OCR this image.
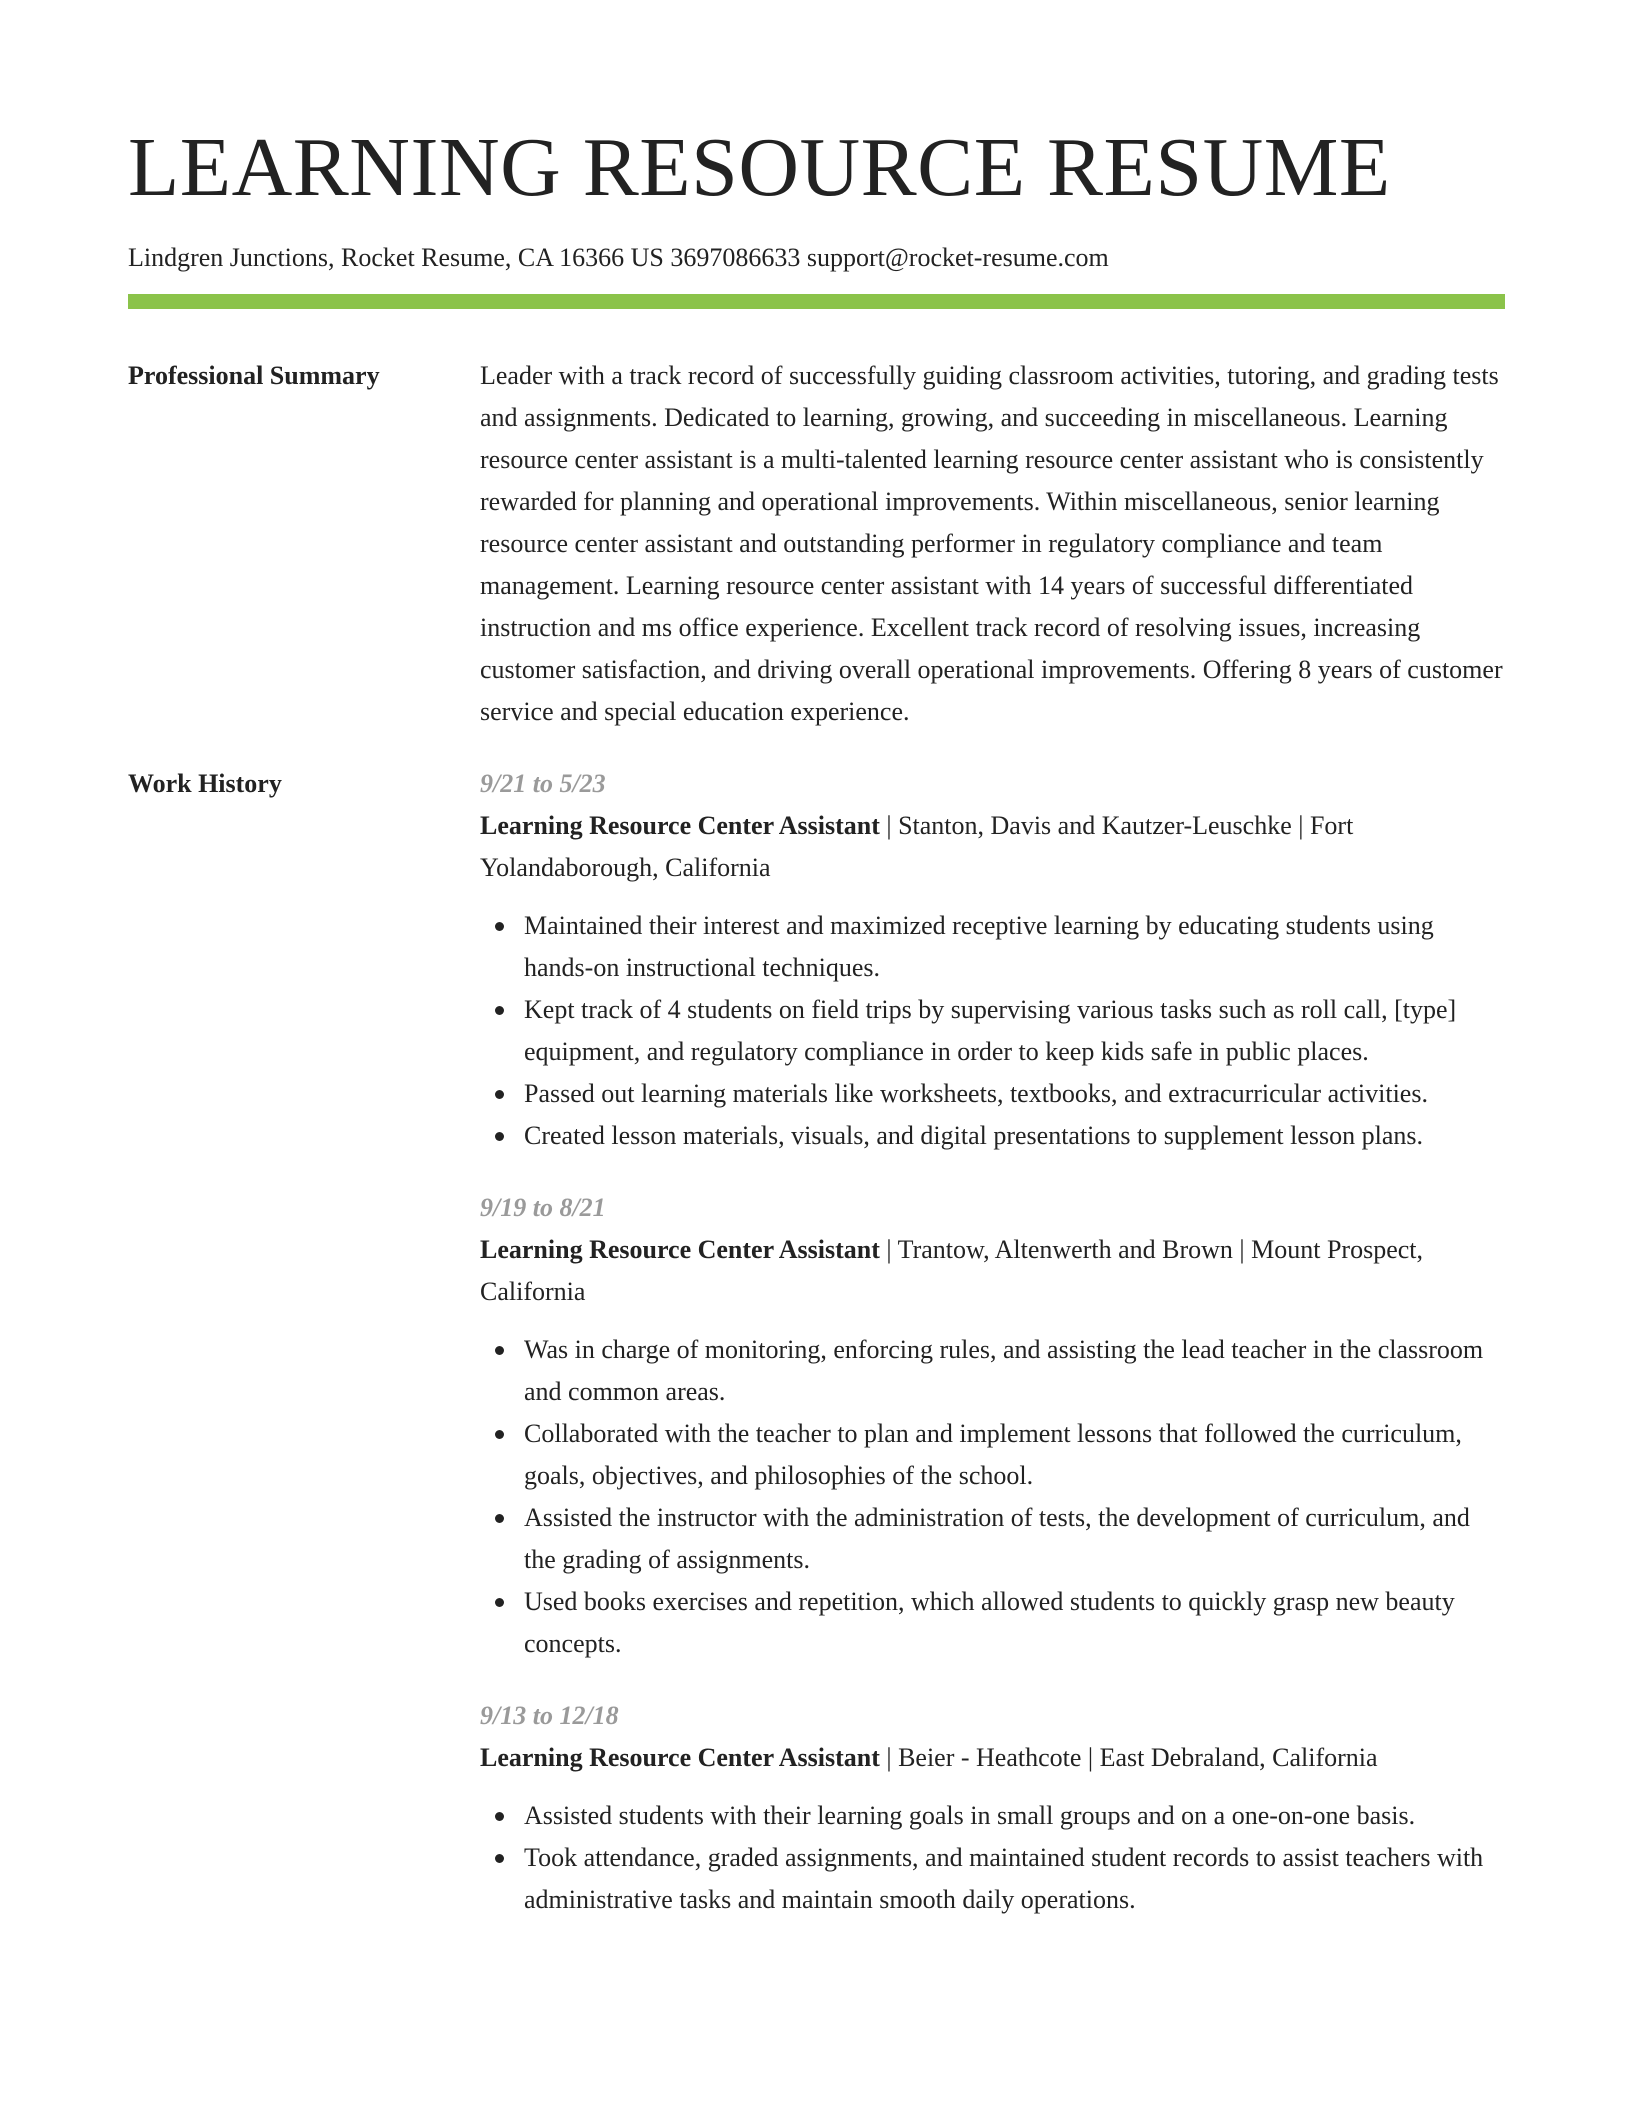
LEARNING RESOURCE RESUME
Lindgren Junctions, Rocket Resume, CA 16366 US 3697086633 support@rocket-resume.com
Professional Summary	Leader with a track record of successfully guiding classroom activities, tutoring, and grading tests and assignments. Dedicated to learning, growing, and succeeding in miscellaneous. Learning resource center assistant is a multi-talented learning resource center assistant who is consistently rewarded for planning and operational improvements. Within miscellaneous, senior learning resource center assistant and outstanding performer in regulatory compliance and team management. Learning resource center assistant with 14 years of successful differentiated instruction and ms office experience. Excellent track record of resolving issues, increasing customer satisfaction, and driving overall operational improvements. Offering 8 years of customer service and special education experience.

Work History	9/21 to 5/23
Learning Resource Center Assistant | Stanton, Davis and Kautzer-Leuschke | Fort Yolandaborough, California
Maintained their interest and maximized receptive learning by educating students using hands-on instructional techniques.
Kept track of 4 students on field trips by supervising various tasks such as roll call, [type] equipment, and regulatory compliance in order to keep kids safe in public places.
Passed out learning materials like worksheets, textbooks, and extracurricular activities.
Created lesson materials, visuals, and digital presentations to supplement lesson plans.
9/19 to 8/21
Learning Resource Center Assistant | Trantow, Altenwerth and Brown | Mount Prospect, California
Was in charge of monitoring, enforcing rules, and assisting the lead teacher in the classroom and common areas.
Collaborated with the teacher to plan and implement lessons that followed the curriculum, goals, objectives, and philosophies of the school.
Assisted the instructor with the administration of tests, the development of curriculum, and the grading of assignments.
Used books exercises and repetition, which allowed students to quickly grasp new beauty concepts.
9/13 to 12/18
Learning Resource Center Assistant | Beier - Heathcote | East Debraland, California
Assisted students with their learning goals in small groups and on a one-on-one basis.
Took attendance, graded assignments, and maintained student records to assist teachers with administrative tasks and maintain smooth daily operations.
